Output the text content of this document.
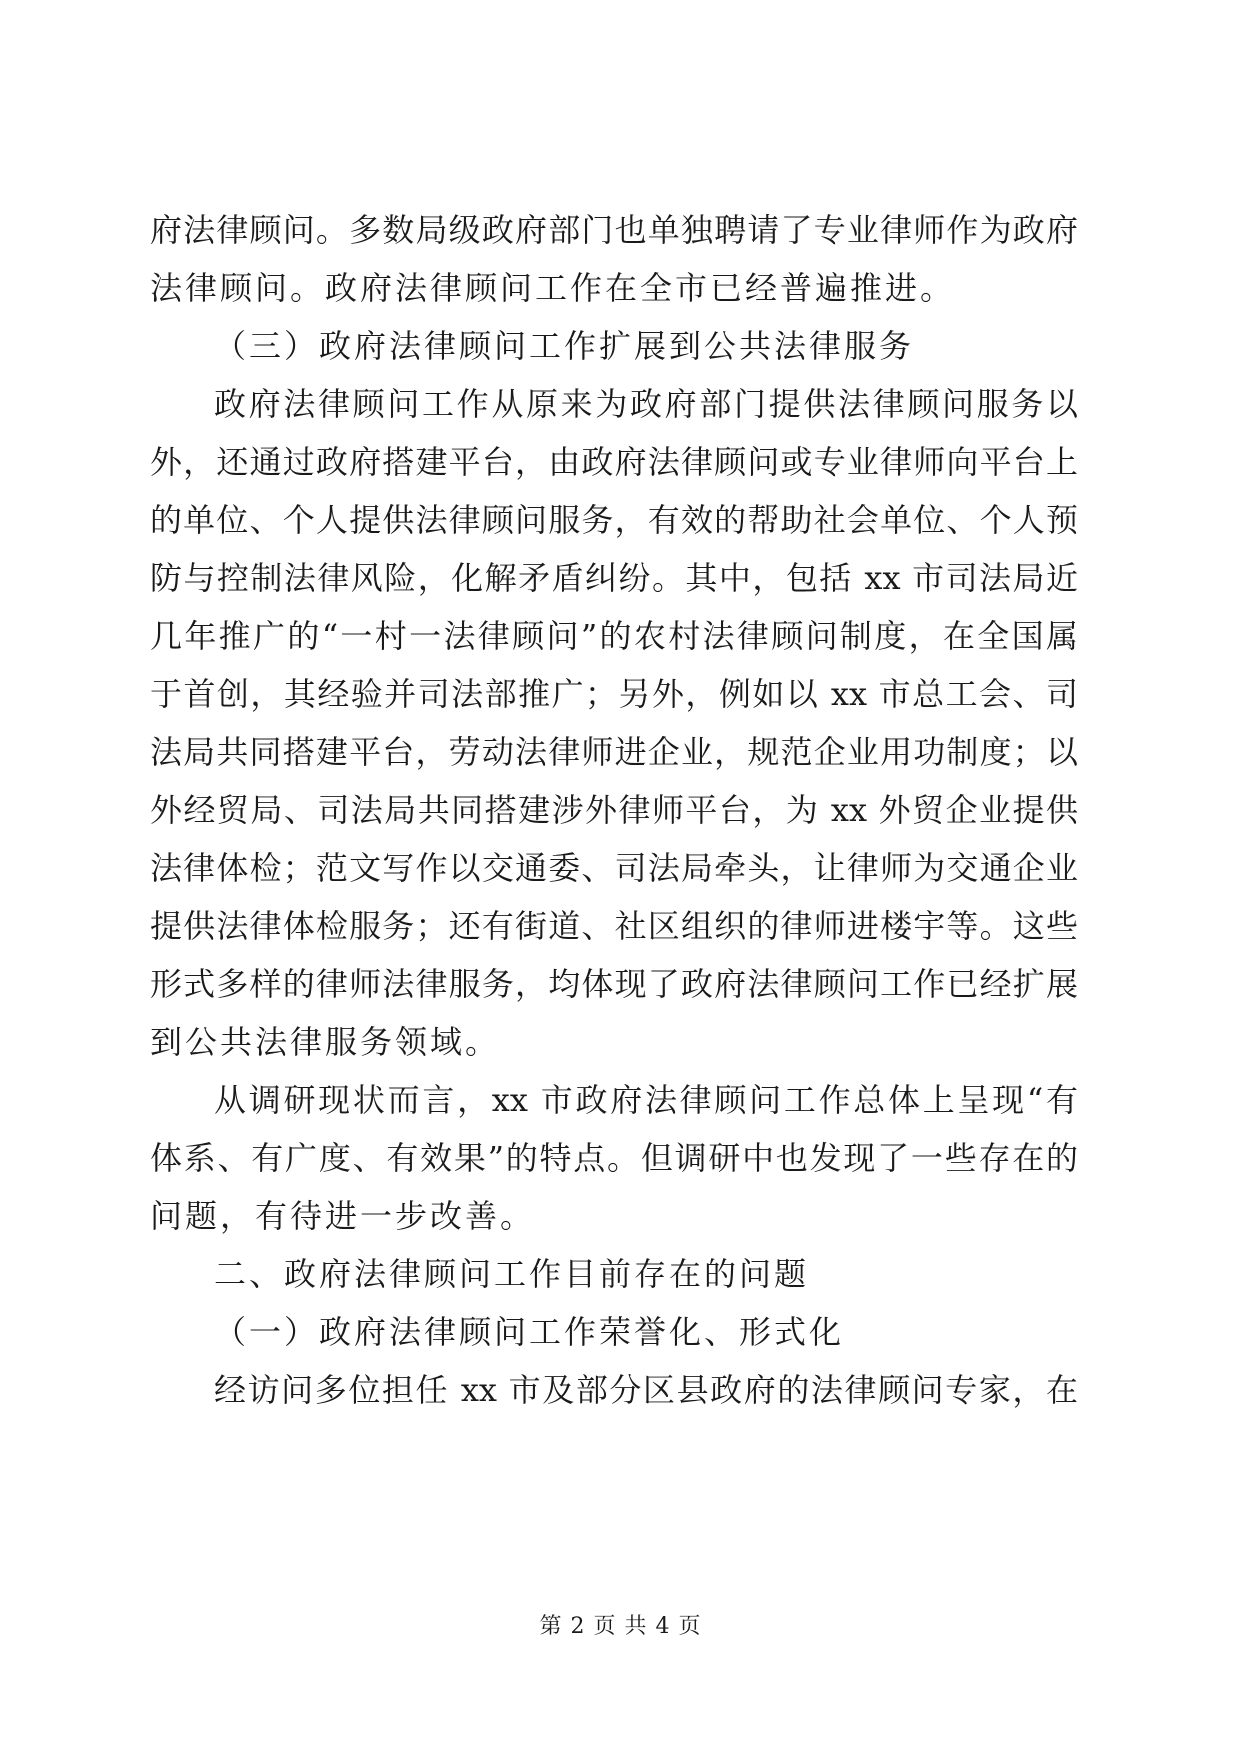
府法律顾问。多数局级政府部门也单独聘请了专业律师作为政府
法律顾问。政府法律顾问工作在全市已经普遍推进。
（三）政府法律顾问工作扩展到公共法律服务
政府法律顾问工作从原来为政府部门提供法律顾问服务以
外，还通过政府搭建平台，由政府法律顾问或专业律师向平台上
的单位、个人提供法律顾问服务，有效的帮助社会单位、个人预
防与控制法律风险，化解矛盾纠纷。其中，包括 xx 市司法局近
几年推广的“一村一法律顾问”的农村法律顾问制度，在全国属
于首创，其经验并司法部推广；另外，例如以 xx 市总工会、司
法局共同搭建平台，劳动法律师进企业，规范企业用功制度；以
外经贸局、司法局共同搭建涉外律师平台，为 xx 外贸企业提供
法律体检；范文写作以交通委、司法局牵头，让律师为交通企业
提供法律体检服务；还有街道、社区组织的律师进楼宇等。这些
形式多样的律师法律服务，均体现了政府法律顾问工作已经扩展
到公共法律服务领域。
从调研现状而言，xx 市政府法律顾问工作总体上呈现“有
体系、有广度、有效果”的特点。但调研中也发现了一些存在的
问题，有待进一步改善。
二、政府法律顾问工作目前存在的问题
（一）政府法律顾问工作荣誉化、形式化
经访问多位担任 xx 市及部分区县政府的法律顾问专家，在
第 2 页 共 4 页
